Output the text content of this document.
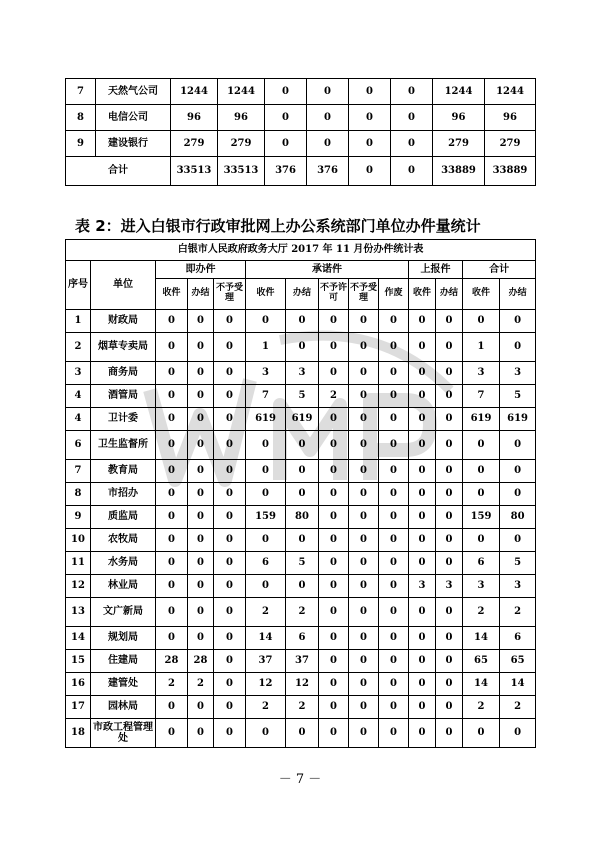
7	天然气公司	1244	1244	0	0	0	0	1244	1244
8	电信公司	96	96	0	0	0	0	96	96
9	建设银行	279	279	0	0	0	0	279	279
合计		33513	33513	376	376	0	0	33889	33889
表 2：进入白银市行政审批网上办公系统部门单位办件量统计
白银市人民政府政务大厅 2017 年 11 月份办件统计表													
序号	单位	即办件			承诺件					上报件		合计	
		收件	办结	不予受理	收件	办结	不予许可	不予受理	作废	收件	办结	收件	办结
1	财政局	0	0	0	0	0	0	0	0	0	0	0	0
2	烟草专卖局	0	0	0	1	0	0	0	0	0	0	1	0
3	商务局	0	0	0	3	3	0	0	0	0	0	3	3
4	酒管局	0	0	0	7	5	2	0	0	0	0	7	5
4	卫计委	0	0	0	619	619	0	0	0	0	0	619	619
6	卫生监督所	0	0	0	0	0	0	0	0	0	0	0	0
7	教育局	0	0	0	0	0	0	0	0	0	0	0	0
8	市招办	0	0	0	0	0	0	0	0	0	0	0	0
9	质监局	0	0	0	159	80	0	0	0	0	0	159	80
10	农牧局	0	0	0	0	0	0	0	0	0	0	0	0
11	水务局	0	0	0	6	5	0	0	0	0	0	6	5
12	林业局	0	0	0	0	0	0	0	0	3	3	3	3
13	文广新局	0	0	0	2	2	0	0	0	0	0	2	2
14	规划局	0	0	0	14	6	0	0	0	0	0	14	6
15	住建局	28	28	0	37	37	0	0	0	0	0	65	65
16	建管处	2	2	0	12	12	0	0	0	0	0	14	14
17	园林局	0	0	0	2	2	0	0	0	0	0	2	2
18	市政工程管理处	0	0	0	0	0	0	0	0	0	0	0	0
－ 7 －
